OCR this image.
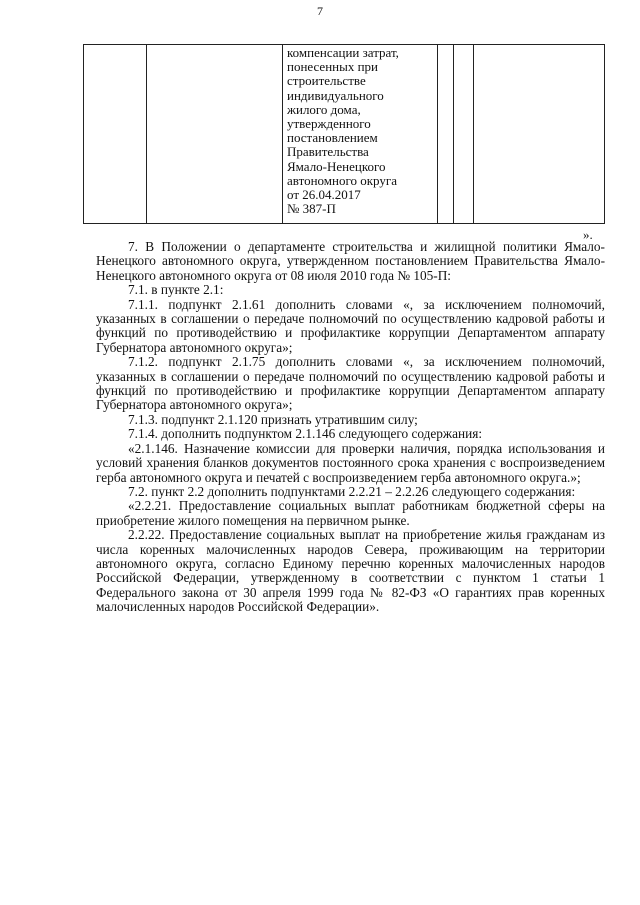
7
компенсации затрат,
понесенных при
строительстве
индивидуального
жилого дома,
утвержденного
постановлением
Правительства
Ямало-Ненецкого
автономного округа
от 26.04.2017
№ 387-П
».

7. В Положении о департаменте строительства и жилищной политики Ямало-Ненецкого автономного округа, утвержденном постановлением Правительства Ямало-Ненецкого автономного округа от 08 июля 2010 года № 105-П:

7.1. в пункте 2.1:

7.1.1. подпункт 2.1.61 дополнить словами «, за исключением полномочий, указанных в соглашении о передаче полномочий по осуществлению кадровой работы и функций по противодействию и профилактике коррупции Департаментом аппарату Губернатора автономного округа»;

7.1.2. подпункт 2.1.75 дополнить словами «, за исключением полномочий, указанных в соглашении о передаче полномочий по осуществлению кадровой работы и функций по противодействию и профилактике коррупции Департаментом аппарату Губернатора автономного округа»;

7.1.3. подпункт 2.1.120 признать утратившим силу;

7.1.4. дополнить подпунктом 2.1.146 следующего содержания:

«2.1.146. Назначение комиссии для проверки наличия, порядка использования и условий хранения бланков документов постоянного срока хранения с воспроизведением герба автономного округа и печатей с воспроизведением герба автономного округа.»;

7.2. пункт 2.2 дополнить подпунктами 2.2.21 – 2.2.26 следующего содержания:

«2.2.21. Предоставление социальных выплат работникам бюджетной сферы на приобретение жилого помещения на первичном рынке.

2.2.22. Предоставление социальных выплат на приобретение жилья гражданам из числа коренных малочисленных народов Севера, проживающим на территории автономного округа, согласно Единому перечню коренных малочисленных народов Российской Федерации, утвержденному в соответствии с пунктом 1 статьи 1 Федерального закона от 30 апреля 1999 года № 82-ФЗ «О гарантиях прав коренных малочисленных народов Российской Федерации».
